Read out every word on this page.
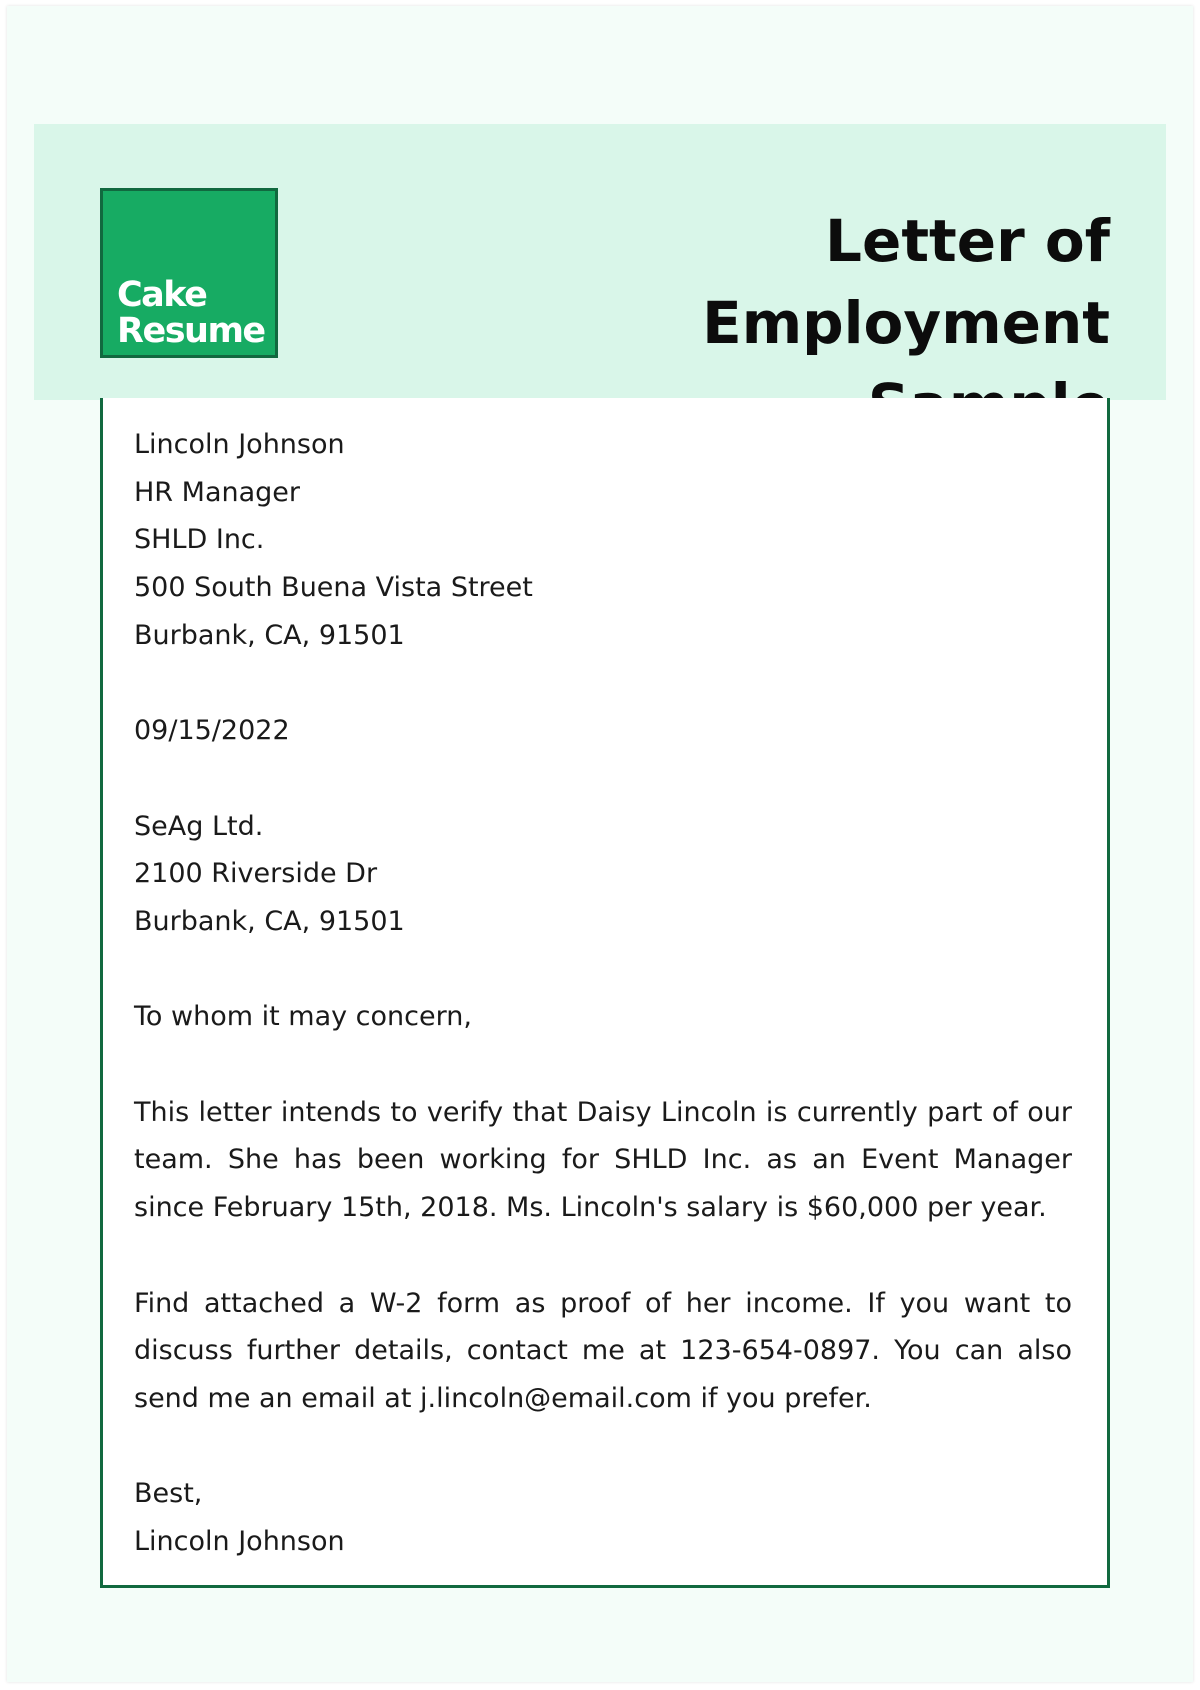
Cake
Resume
Letter of Employment
Lincoln Johnson
HR Manager
SHLD Inc.
500 South Buena Vista Street
Burbank, CA, 91501
09/15/2022
SeAg Ltd.
2100 Riverside Dr
Burbank, CA, 91501
To whom it may concern,
This letter intends to verify that Daisy Lincoln is currently part of our team. She has been working for SHLD Inc. as an Event Manager since February 15th, 2018. Ms. Lincoln's salary is $60,000 per year.
Find attached a W-2 form as proof of her income. If you want to discuss further details, contact me at 123-654-0897. You can also send me an email at j.lincoln@email.com if you prefer.
Best,
Lincoln Johnson
